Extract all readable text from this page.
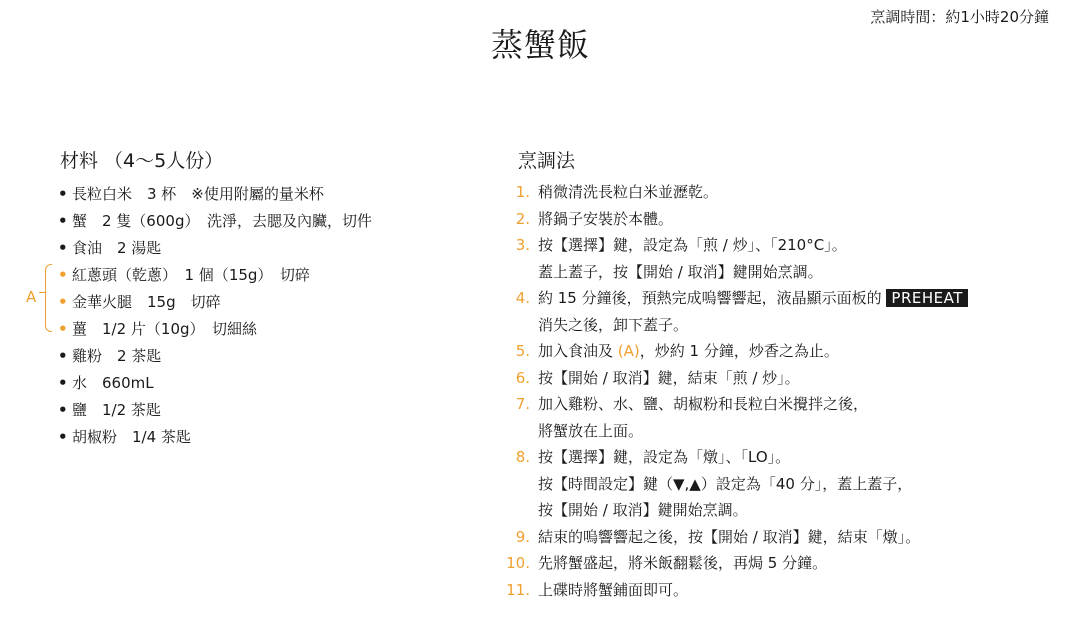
烹調時間：約1小時20分鐘
蒸蟹飯
材料 （4～5人份）
• 長粒白米　3 杯　※使用附屬的量米杯
• 蟹　2 隻（600g）　洗淨，去腮及內臟，切件
• 食油　2 湯匙
• 紅蔥頭（乾蔥）　1 個（15g）　切碎
• 金華火腿　15g　切碎
• 薑　1/2 片（10g）　切細絲
• 雞粉　2 茶匙
• 水　660mL
• 鹽　1/2 茶匙
• 胡椒粉　1/4 茶匙
A
烹調法
1. 稍微清洗長粒白米並瀝乾。
2. 將鍋子安裝於本體。
3. 按【選擇】鍵，設定為「煎 / 炒」、「210°C」。
蓋上蓋子，按【開始 / 取消】鍵開始烹調。
4. 約 15 分鐘後，預熱完成嗚響響起，液晶顯示面板的 PREHEAT
消失之後，卸下蓋子。
5. 加入食油及 (A)，炒約 1 分鐘，炒香之為止。
6. 按【開始 / 取消】鍵，結束「煎 / 炒」。
7. 加入雞粉、水、鹽、胡椒粉和長粒白米攪拌之後，
將蟹放在上面。
8. 按【選擇】鍵，設定為「燉」、「LO」。
按【時間設定】鍵（▼,▲）設定為「40 分」，蓋上蓋子，
按【開始 / 取消】鍵開始烹調。
9. 結束的嗚響響起之後，按【開始 / 取消】鍵，結束「燉」。
10. 先將蟹盛起，將米飯翻鬆後，再焗 5 分鐘。
11. 上碟時將蟹鋪面即可。
